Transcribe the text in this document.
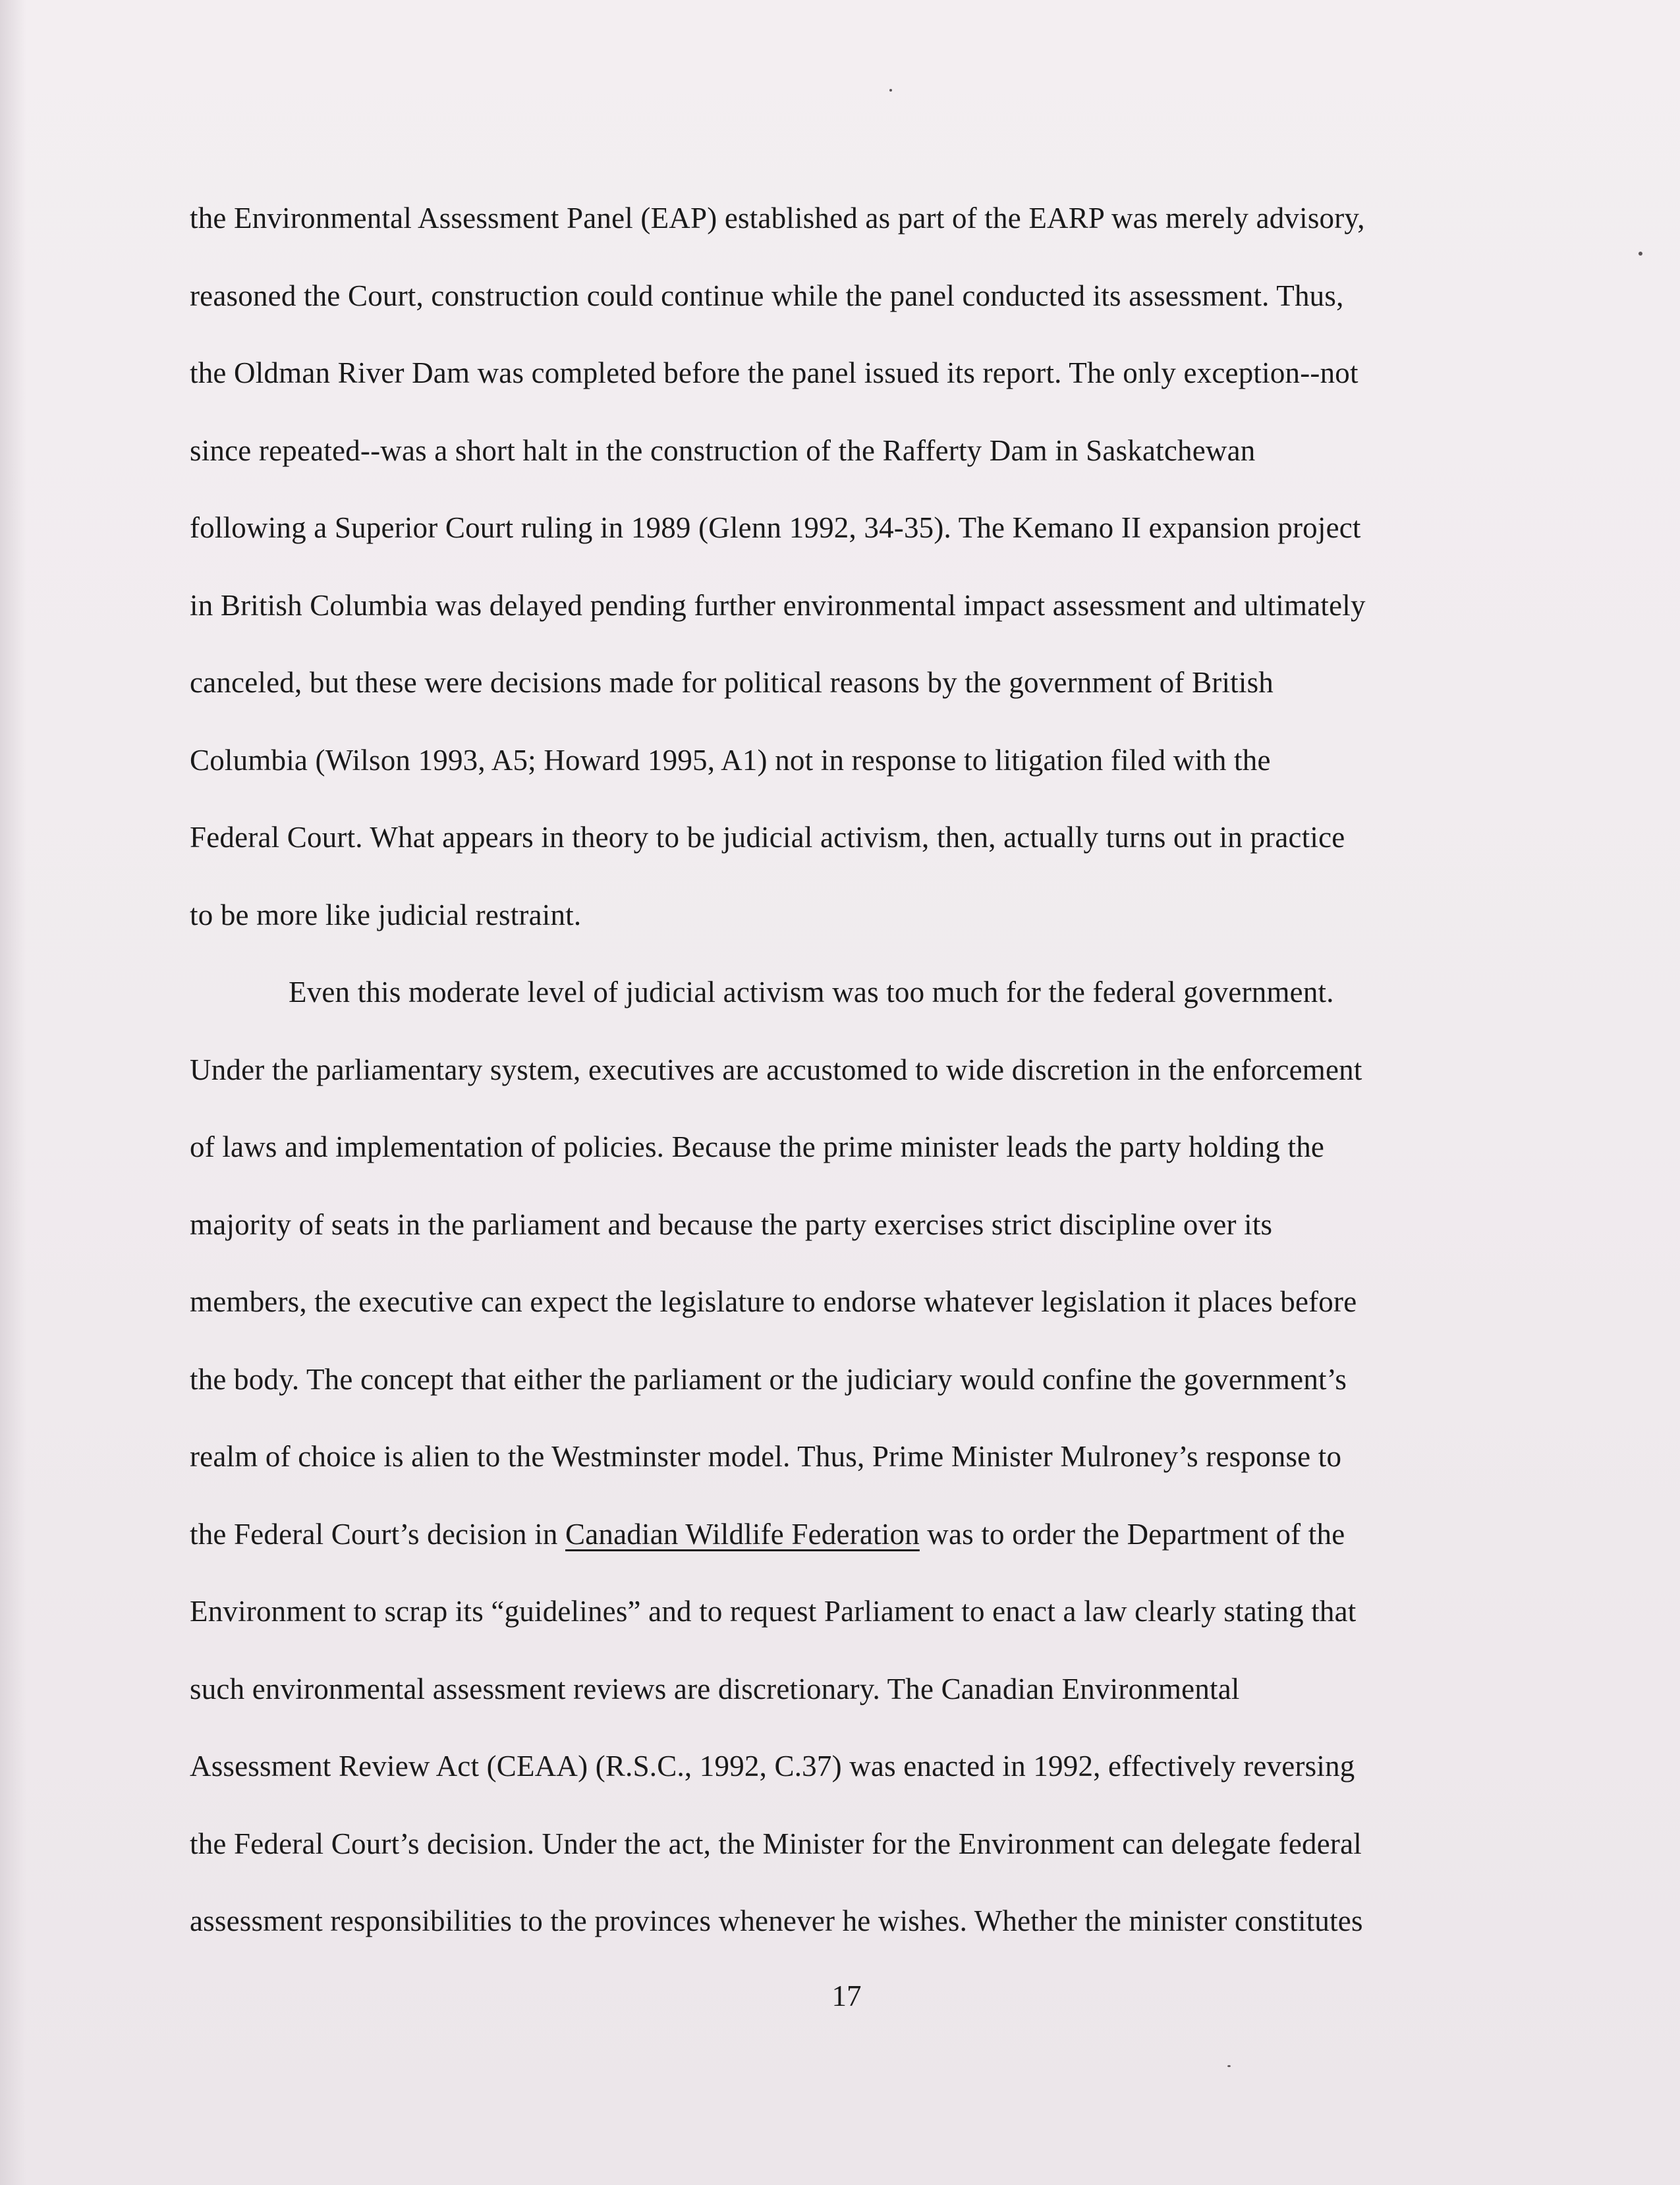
the Environmental Assessment Panel (EAP) established as part of the EARP was merely advisory,
reasoned the Court, construction could continue while the panel conducted its assessment. Thus,
the Oldman River Dam was completed before the panel issued its report. The only exception--not
since repeated--was a short halt in the construction of the Rafferty Dam in Saskatchewan
following a Superior Court ruling in 1989 (Glenn 1992, 34-35). The Kemano II expansion project
in British Columbia was delayed pending further environmental impact assessment and ultimately
canceled, but these were decisions made for political reasons by the government of British
Columbia (Wilson 1993, A5; Howard 1995, A1) not in response to litigation filed with the
Federal Court. What appears in theory to be judicial activism, then, actually turns out in practice
to be more like judicial restraint.
Even this moderate level of judicial activism was too much for the federal government.
Under the parliamentary system, executives are accustomed to wide discretion in the enforcement
of laws and implementation of policies. Because the prime minister leads the party holding the
majority of seats in the parliament and because the party exercises strict discipline over its
members, the executive can expect the legislature to endorse whatever legislation it places before
the body. The concept that either the parliament or the judiciary would confine the government’s
realm of choice is alien to the Westminster model. Thus, Prime Minister Mulroney’s response to
the Federal Court’s decision in Canadian Wildlife Federation was to order the Department of the
Environment to scrap its “guidelines” and to request Parliament to enact a law clearly stating that
such environmental assessment reviews are discretionary. The Canadian Environmental
Assessment Review Act (CEAA) (R.S.C., 1992, C.37) was enacted in 1992, effectively reversing
the Federal Court’s decision. Under the act, the Minister for the Environment can delegate federal
assessment responsibilities to the provinces whenever he wishes. Whether the minister constitutes
17
